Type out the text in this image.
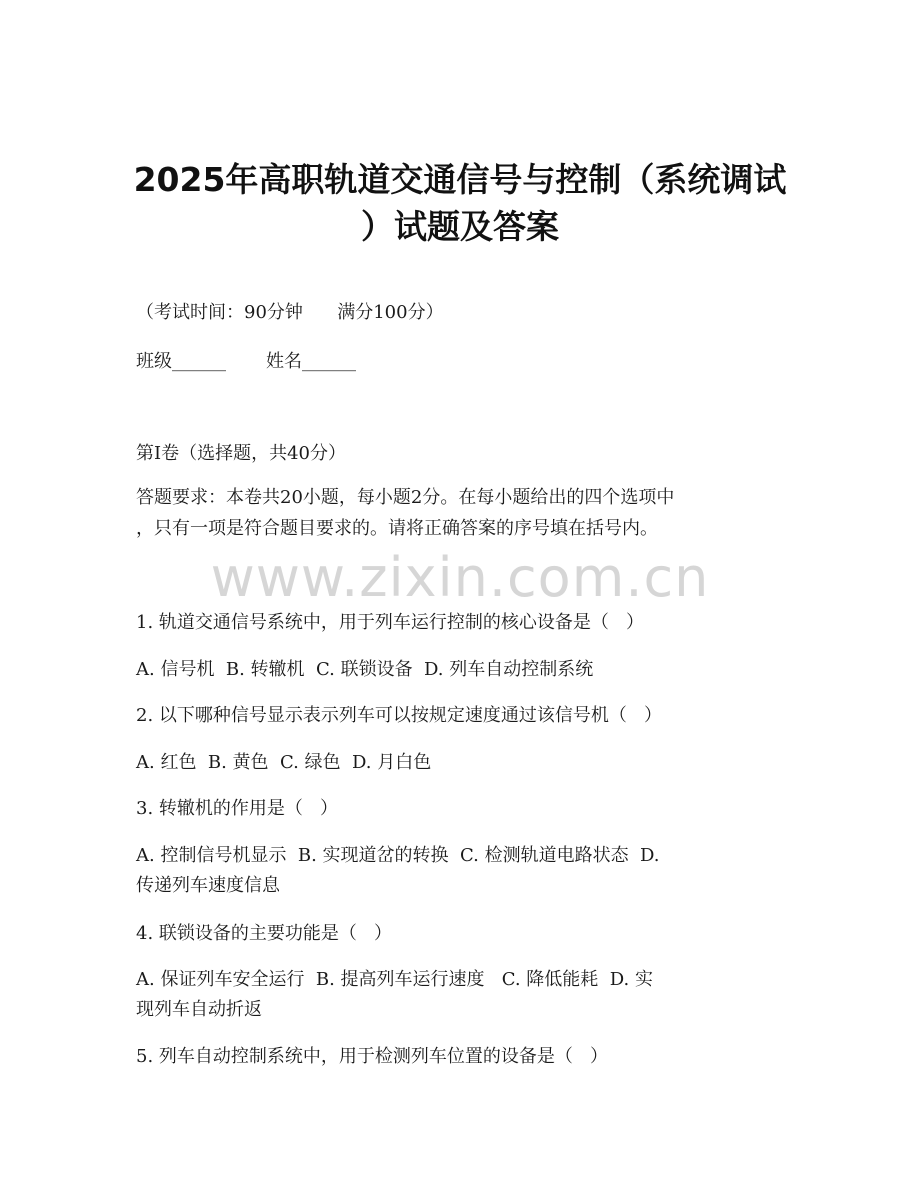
2025年高职轨道交通信号与控制（系统调试
）试题及答案
（考试时间：90分钟      满分100分）
班级______       姓名______
第I卷（选择题，共40分）
答题要求：本卷共20小题，每小题2分。在每小题给出的四个选项中
，只有一项是符合题目要求的。请将正确答案的序号填在括号内。
www.zixin.com.cn
1. 轨道交通信号系统中，用于列车运行控制的核心设备是（   ）
A. 信号机  B. 转辙机  C. 联锁设备  D. 列车自动控制系统
2. 以下哪种信号显示表示列车可以按规定速度通过该信号机（   ）
A. 红色  B. 黄色  C. 绿色  D. 月白色
3. 转辙机的作用是（   ）
A. 控制信号机显示  B. 实现道岔的转换  C. 检测轨道电路状态  D.
传递列车速度信息
4. 联锁设备的主要功能是（   ）
A. 保证列车安全运行  B. 提高列车运行速度   C. 降低能耗  D. 实
现列车自动折返
5. 列车自动控制系统中，用于检测列车位置的设备是（   ）
